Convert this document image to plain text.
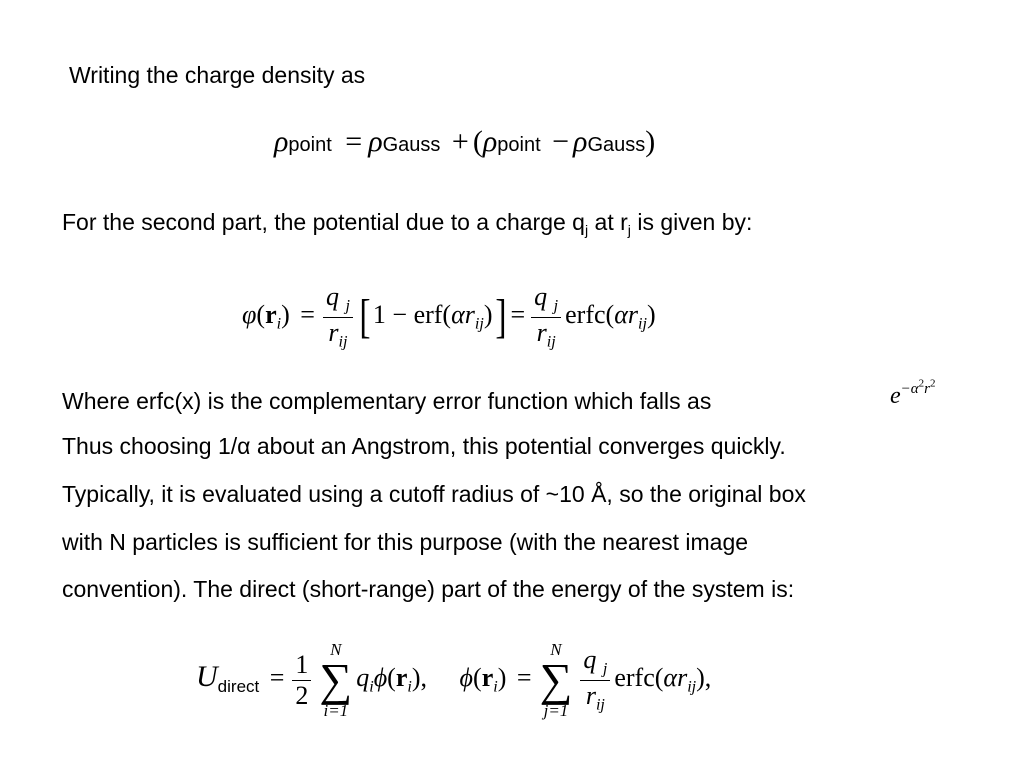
Writing the charge density as
ρpoint = ρGauss + (ρpoint − ρGauss)
For the second part, the potential due to a charge $q_j$ at $r_j$ is given by:
$\varphi(r_i) = \frac{q _j}{r_{ij}} [1 - erf(\alpha r_{ij})] = \frac{q _j}{r_{ij}}$ $erfc(\alpha r_{ij})$
Where erfc(x) is the complementary error function which falls as	$e^{-\alpha^2r^2}$
Thus choosing 1/α about an Angstrom, this potential converges quickly.
Typically, it is evaluated using a cutoff radius of ~10 Å, so the original box
with N particles is sufficient for this purpose (with the nearest image
convention). The direct (short-range) part of the energy of the system is:
$U_{direct} = \frac{1}{2}$	N
∑
i=1
$q_i\phi(r_i)$, $\phi(r_i)$ =
N
∑
$j=1 \frac{q _j}{r_{ij}}$ $erfc(\alpha r_{ij})$,
